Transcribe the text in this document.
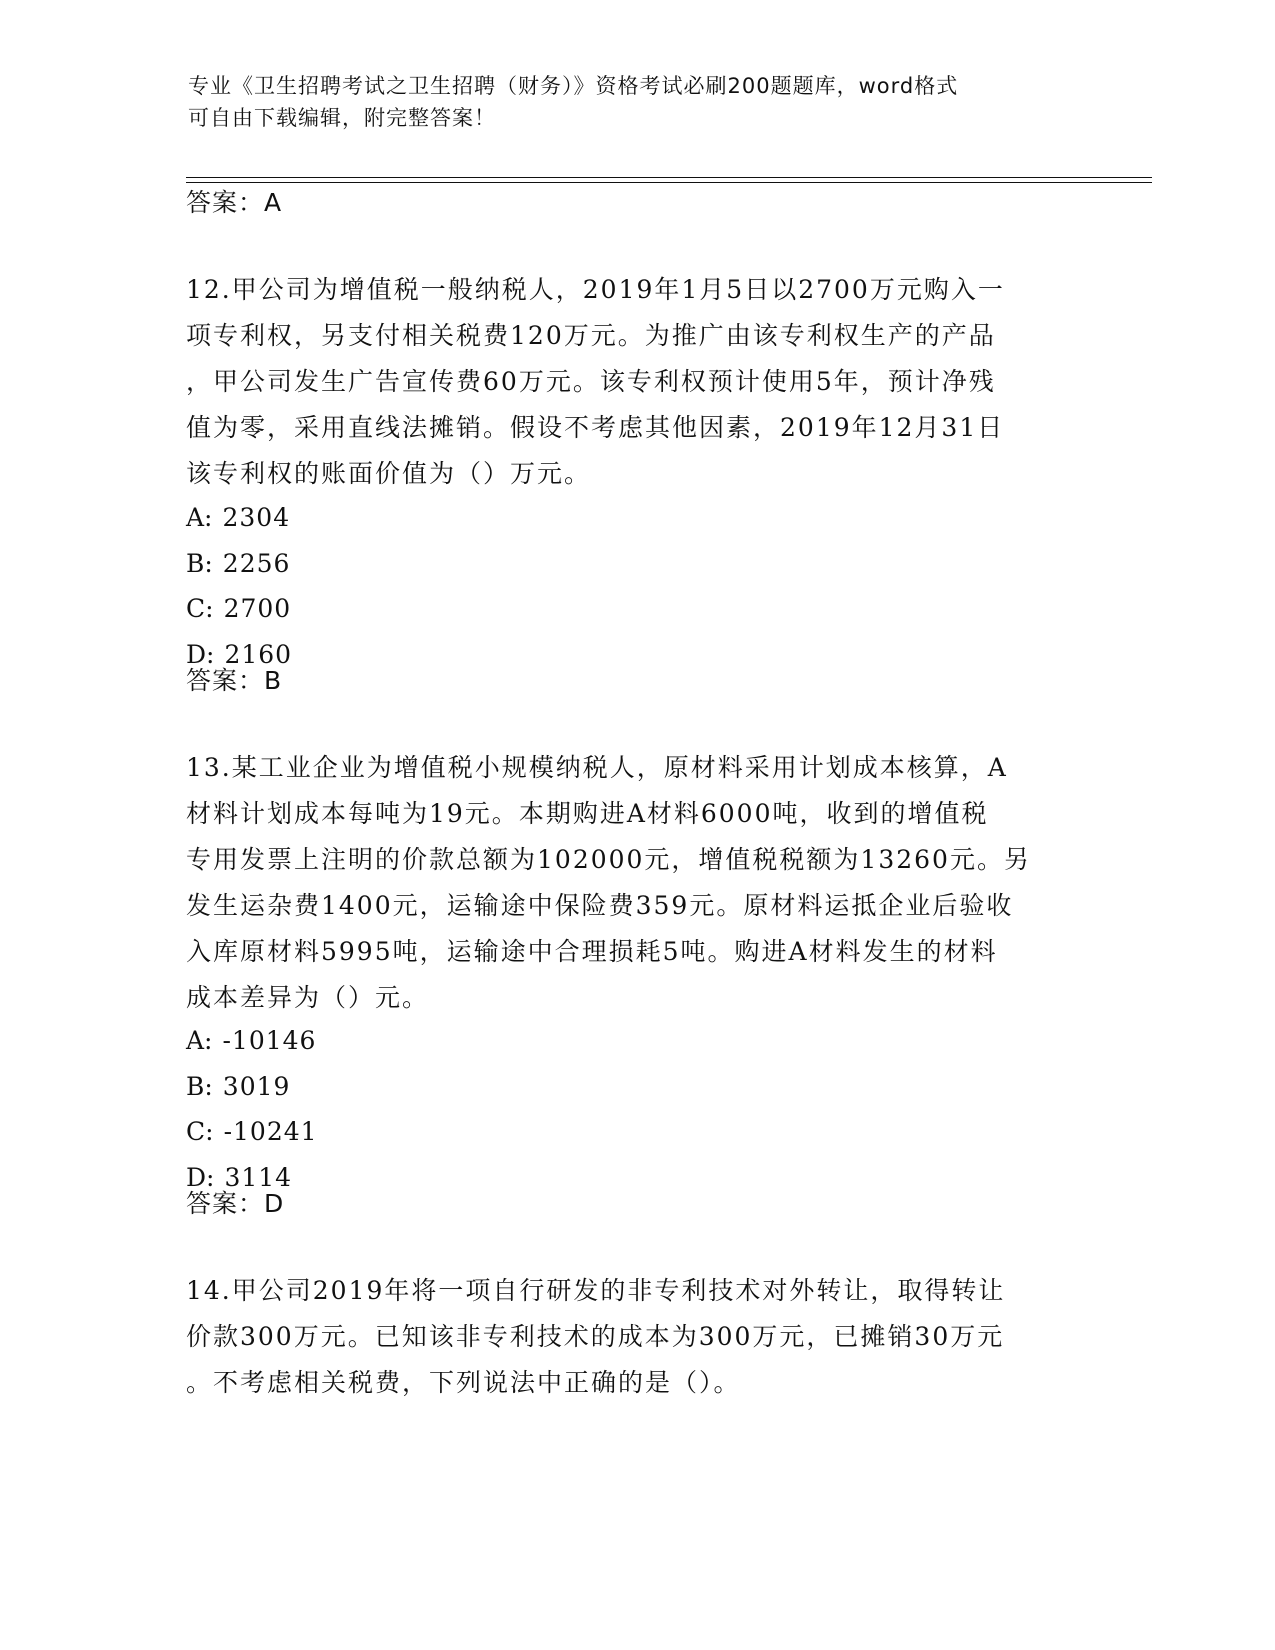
专业《卫生招聘考试之卫生招聘（财务）》资格考试必刷200题题库，word格式
可自由下载编辑，附完整答案！
答案：A
12.甲公司为增值税一般纳税人，2019年1月5日以2700万元购入一
项专利权，另支付相关税费120万元。为推广由该专利权生产的产品
，甲公司发生广告宣传费60万元。该专利权预计使用5年，预计净残
值为零，采用直线法摊销。假设不考虑其他因素，2019年12月31日
该专利权的账面价值为（）万元。
A: 2304
B: 2256
C: 2700
D: 2160
答案：B
13.某工业企业为增值税小规模纳税人，原材料采用计划成本核算，A
材料计划成本每吨为19元。本期购进A材料6000吨，收到的增值税
专用发票上注明的价款总额为102000元，增值税税额为13260元。另
发生运杂费1400元，运输途中保险费359元。原材料运抵企业后验收
入库原材料5995吨，运输途中合理损耗5吨。购进A材料发生的材料
成本差异为（）元。
A: -10146
B: 3019
C: -10241
D: 3114
答案：D
14.甲公司2019年将一项自行研发的非专利技术对外转让，取得转让
价款300万元。已知该非专利技术的成本为300万元，已摊销30万元
。不考虑相关税费，下列说法中正确的是（）。
